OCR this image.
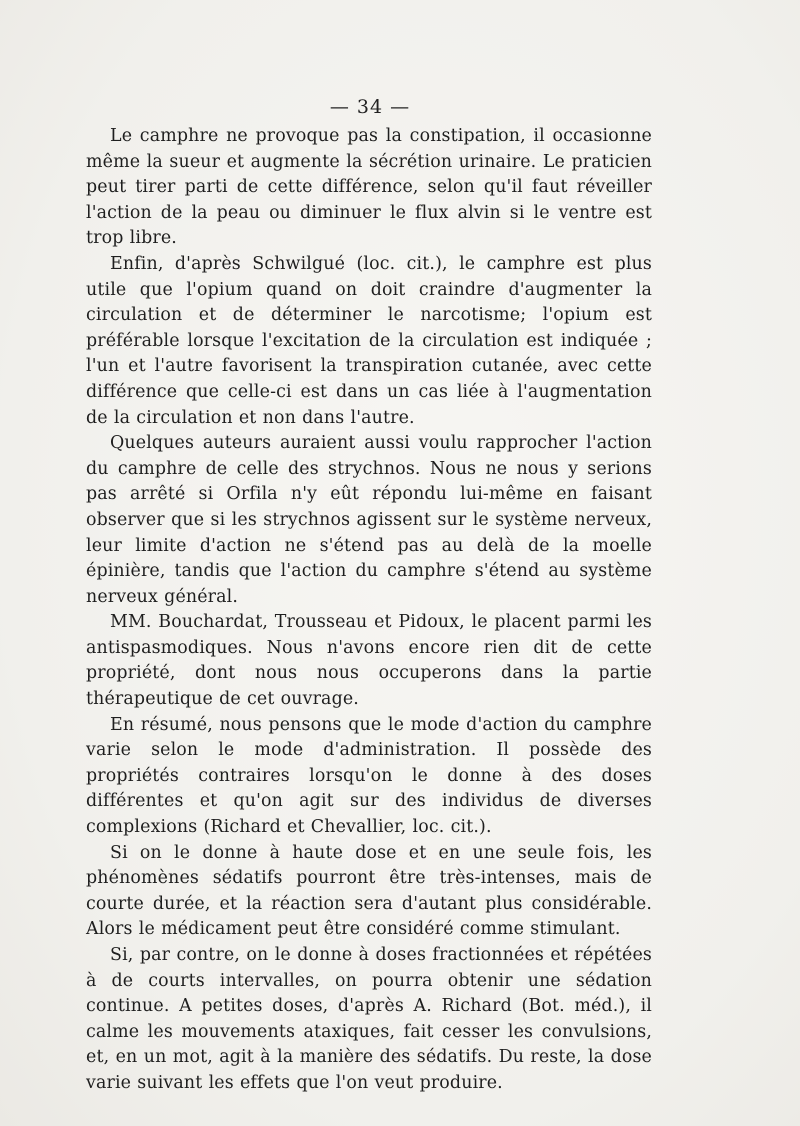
— 34 —

Le camphre ne provoque pas la constipation, il occasionne même la sueur et augmente la sécrétion urinaire. Le praticien peut tirer parti de cette différence, selon qu'il faut réveiller l'action de la peau ou diminuer le flux alvin si le ventre est trop libre.

Enfin, d'après Schwilgué (loc. cit.), le camphre est plus utile que l'opium quand on doit craindre d'augmenter la circulation et de déterminer le narcotisme; l'opium est préférable lorsque l'excitation de la circulation est indiquée ; l'un et l'autre favorisent la transpiration cutanée, avec cette différence que celle-ci est dans un cas liée à l'augmentation de la circulation et non dans l'autre.

Quelques auteurs auraient aussi voulu rapprocher l'action du camphre de celle des strychnos. Nous ne nous y serions pas arrêté si Orfila n'y eût répondu lui-même en faisant observer que si les strychnos agissent sur le système nerveux, leur limite d'action ne s'étend pas au delà de la moelle épinière, tandis que l'action du camphre s'étend au système nerveux général.

MM. Bouchardat, Trousseau et Pidoux, le placent parmi les antispasmodiques. Nous n'avons encore rien dit de cette propriété, dont nous nous occuperons dans la partie thérapeutique de cet ouvrage.

En résumé, nous pensons que le mode d'action du camphre varie selon le mode d'administration. Il possède des propriétés contraires lorsqu'on le donne à des doses différentes et qu'on agit sur des individus de diverses complexions (Richard et Chevallier, loc. cit.).

Si on le donne à haute dose et en une seule fois, les phénomènes sédatifs pourront être très-intenses, mais de courte durée, et la réaction sera d'autant plus considérable. Alors le médicament peut être considéré comme stimulant.

Si, par contre, on le donne à doses fractionnées et répétées à de courts intervalles, on pourra obtenir une sédation continue. A petites doses, d'après A. Richard (Bot. méd.), il calme les mouvements ataxiques, fait cesser les convulsions, et, en un mot, agit à la manière des sédatifs. Du reste, la dose varie suivant les effets que l'on veut produire.
